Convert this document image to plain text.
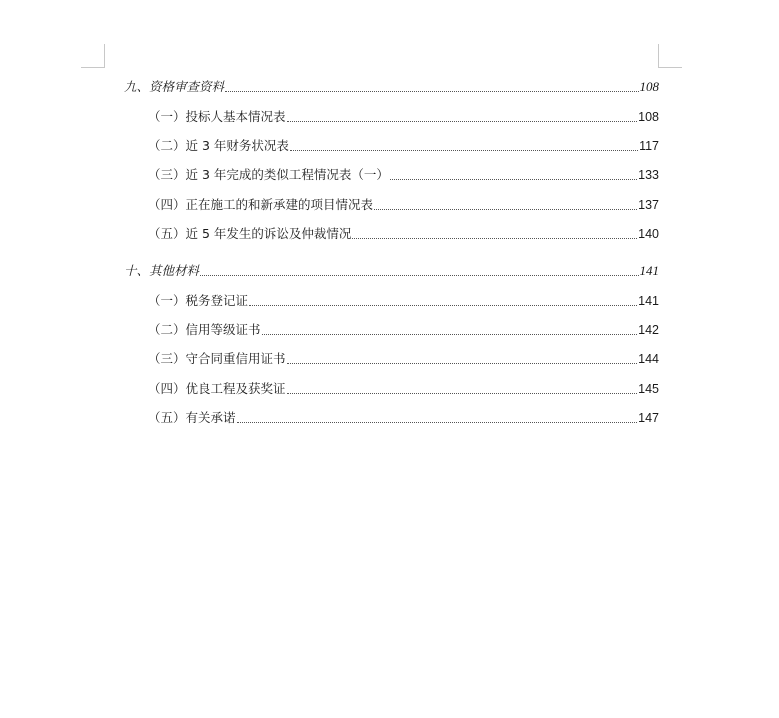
九、资格审查资料	108
（一）投标人基本情况表	108
（二）近 3 年财务状况表	117
（三）近 3 年完成的类似工程情况表（一）	133
（四）正在施工的和新承建的项目情况表	137
（五）近 5 年发生的诉讼及仲裁情况	140
十、其他材料	141
（一）税务登记证	141
（二）信用等级证书	142
（三）守合同重信用证书	144
（四）优良工程及获奖证	145
（五）有关承诺	147
